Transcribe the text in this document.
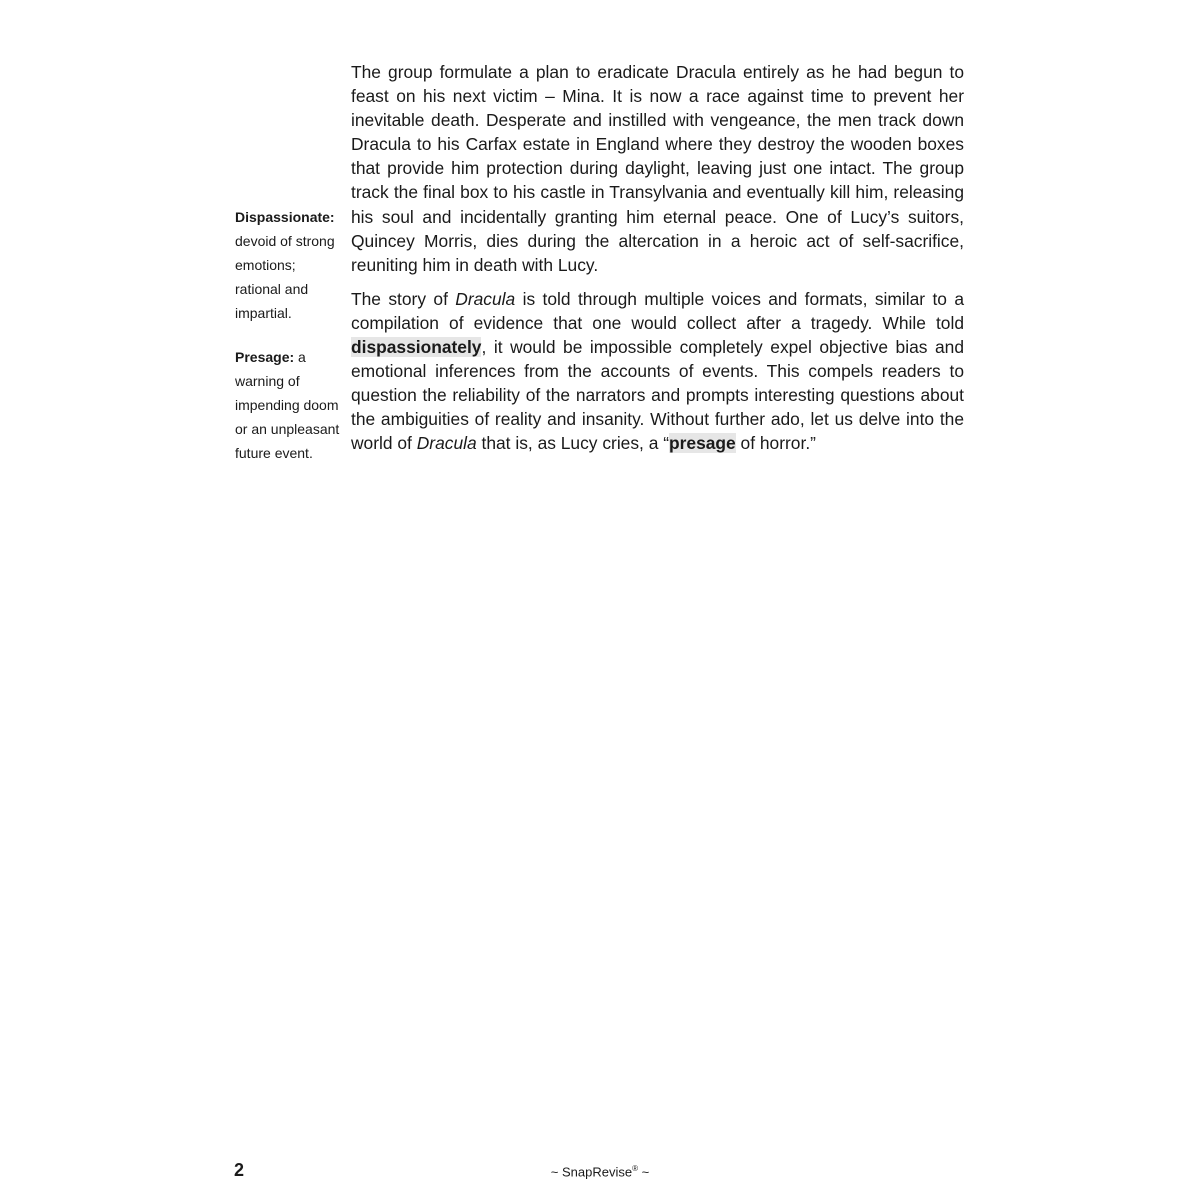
Dispassionate: devoid of strong emotions; rational and impartial.
Presage: a warning of impending doom or an unpleasant future event.

The group formulate a plan to eradicate Dracula entirely as he had begun to feast on his next victim – Mina. It is now a race against time to prevent her inevitable death. Desperate and instilled with vengeance, the men track down Dracula to his Carfax estate in England where they destroy the wooden boxes that provide him protection during daylight, leaving just one intact. The group track the final box to his castle in Transylvania and eventually kill him, releasing his soul and incidentally granting him eternal peace. One of Lucy’s suitors, Quincey Morris, dies during the altercation in a heroic act of self-sacrifice, reuniting him in death with Lucy.

The story of Dracula is told through multiple voices and formats, similar to a compilation of evidence that one would collect after a tragedy. While told dispassionately, it would be impossible completely expel objective bias and emotional inferences from the accounts of events. This compels readers to question the reliability of the narrators and prompts interesting questions about the ambiguities of reality and insanity. Without further ado, let us delve into the world of Dracula that is, as Lucy cries, a “presage of horror.”

2	~ SnapRevise® ~
